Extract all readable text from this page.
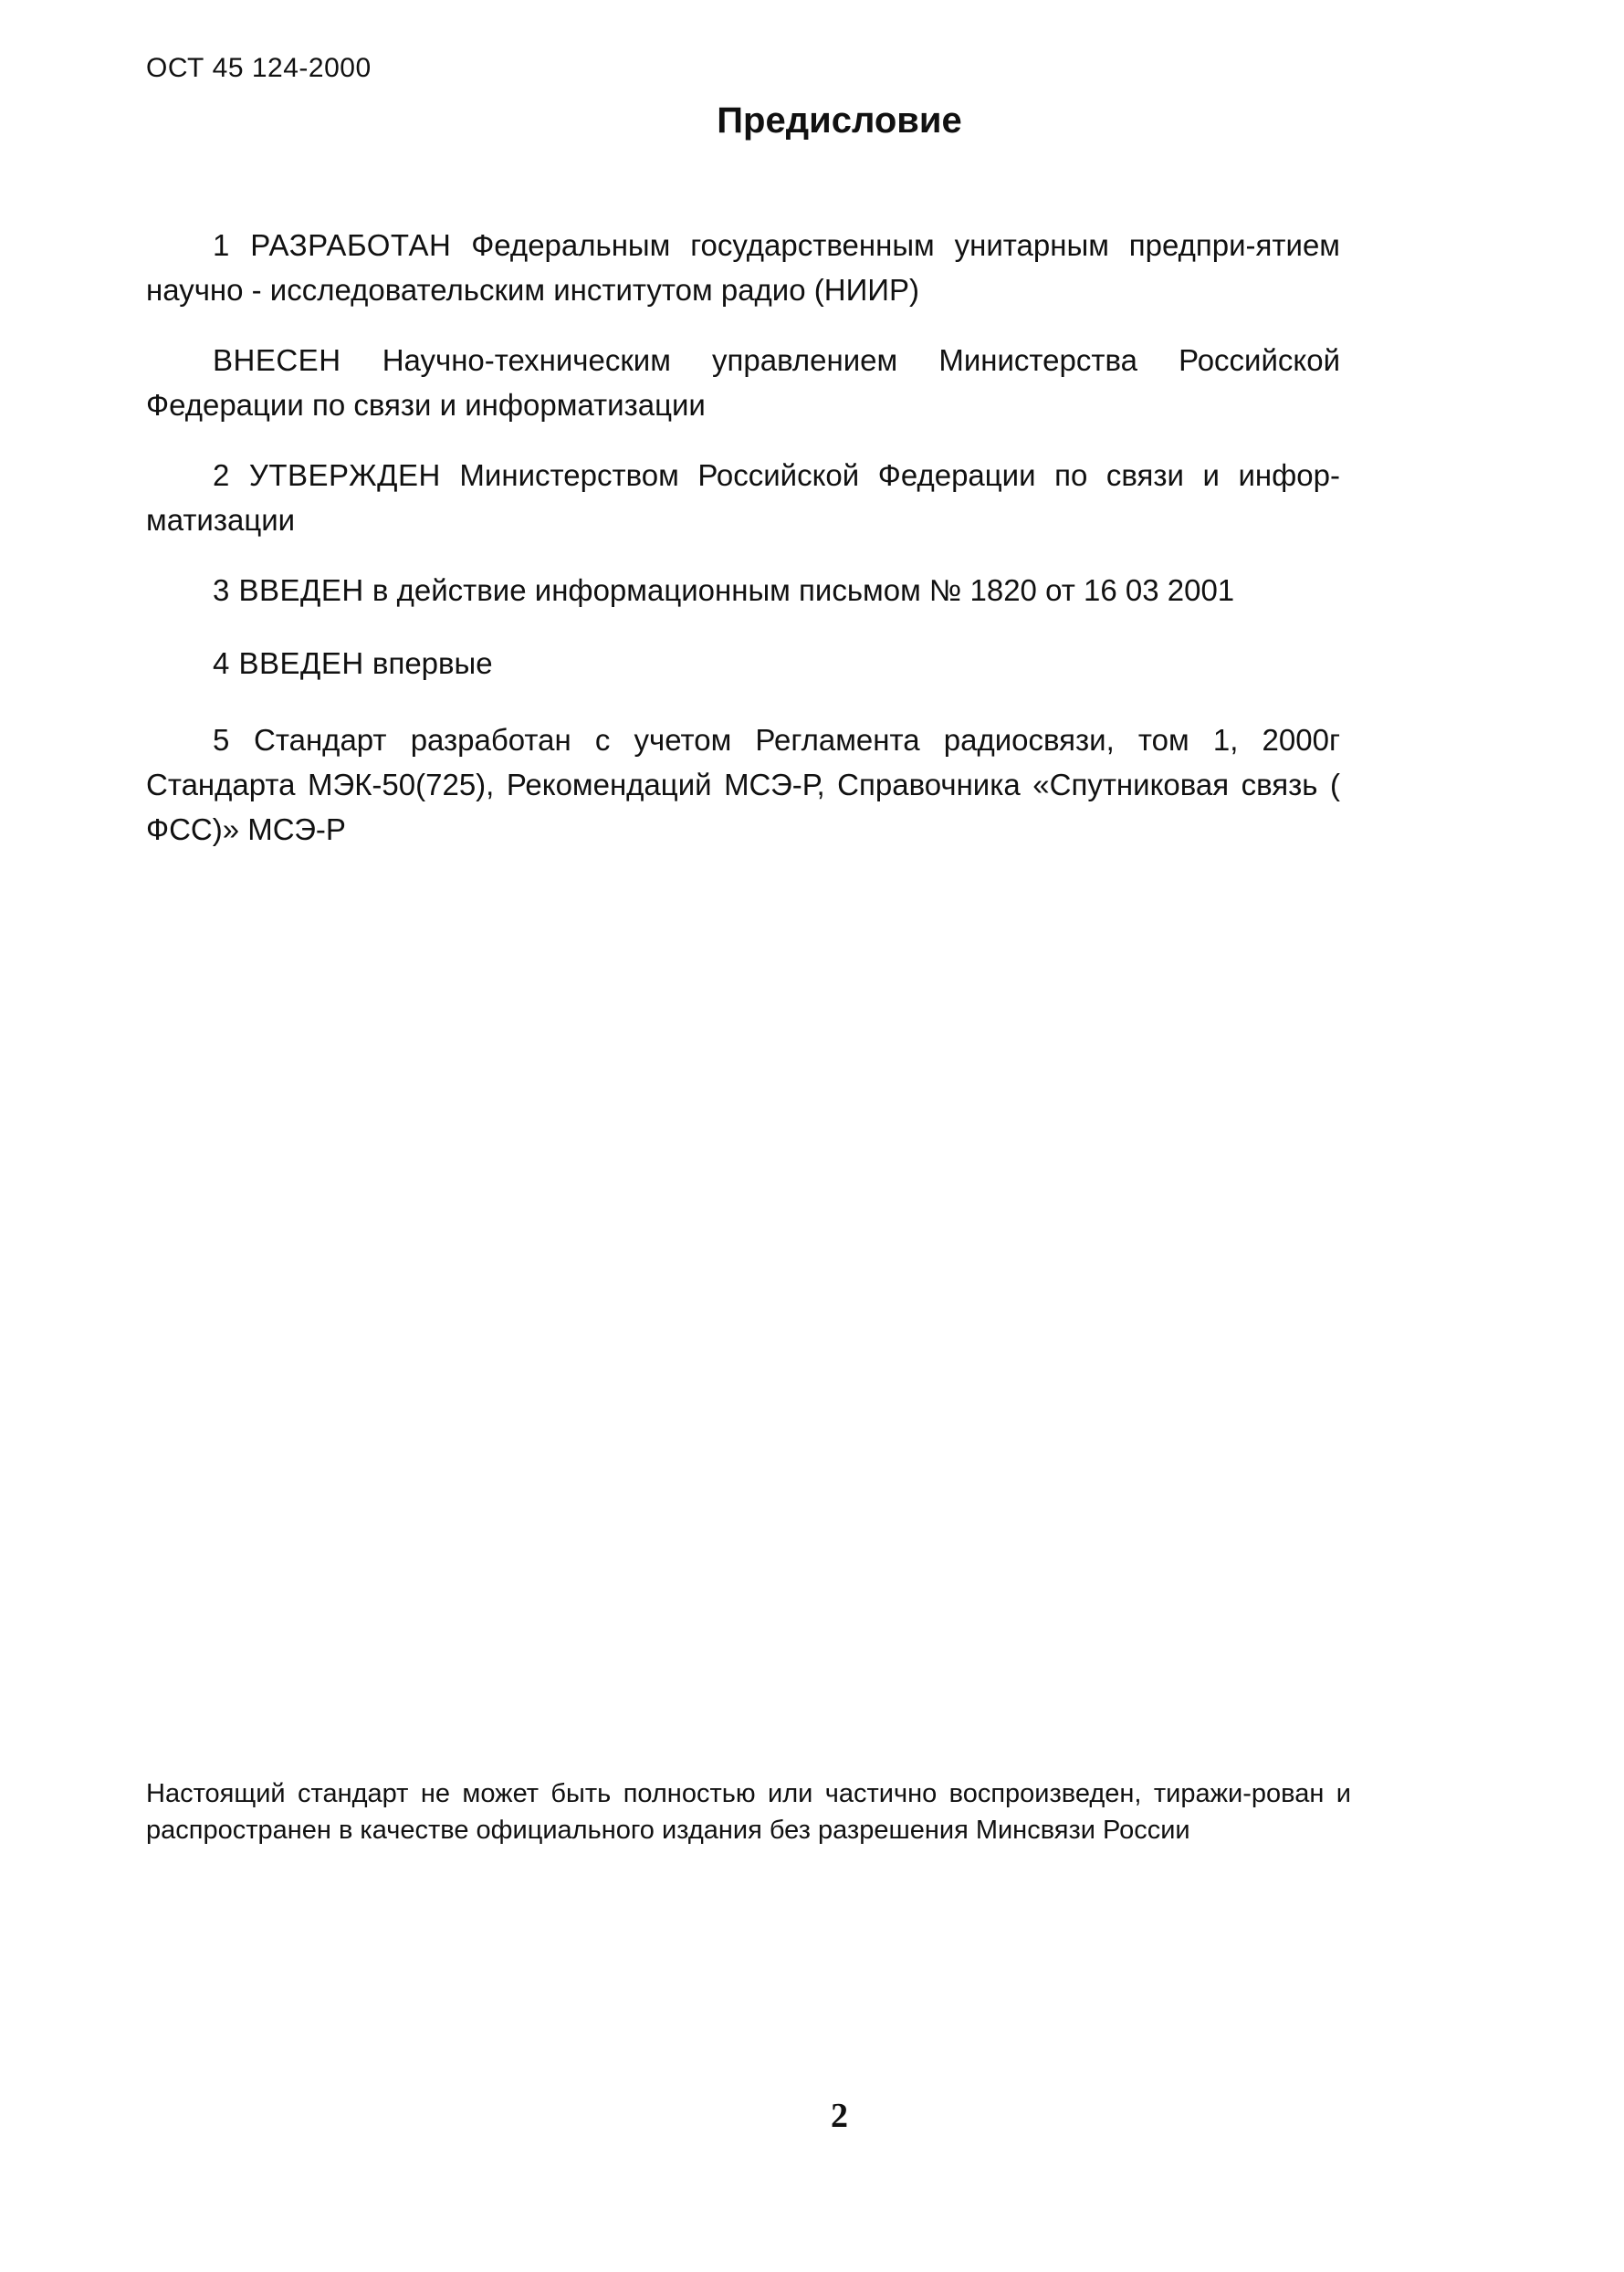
ОСТ 45 124-2000
Предисловие

1 РАЗРАБОТАН Федеральным государственным унитарным предпри-ятием научно - исследовательским институтом радио (НИИР)

ВНЕСЕН Научно-техническим управлением Министерства Российской Федерации по связи и информатизации

2 УТВЕРЖДЕН Министерством Российской Федерации по связи и инфор-матизации

3 ВВЕДЕН в действие информационным письмом № 1820 от 16 03 2001

4 ВВЕДЕН впервые

5 Стандарт разработан с учетом Регламента радиосвязи, том 1, 2000г Стандарта МЭК-50(725), Рекомендаций МСЭ-Р, Справочника «Спутниковая связь ( ФСС)» МСЭ-Р

Настоящий стандарт не может быть полностью или частично воспроизведен, тиражи-рован и распространен в качестве официального издания без разрешения Минсвязи России

2
